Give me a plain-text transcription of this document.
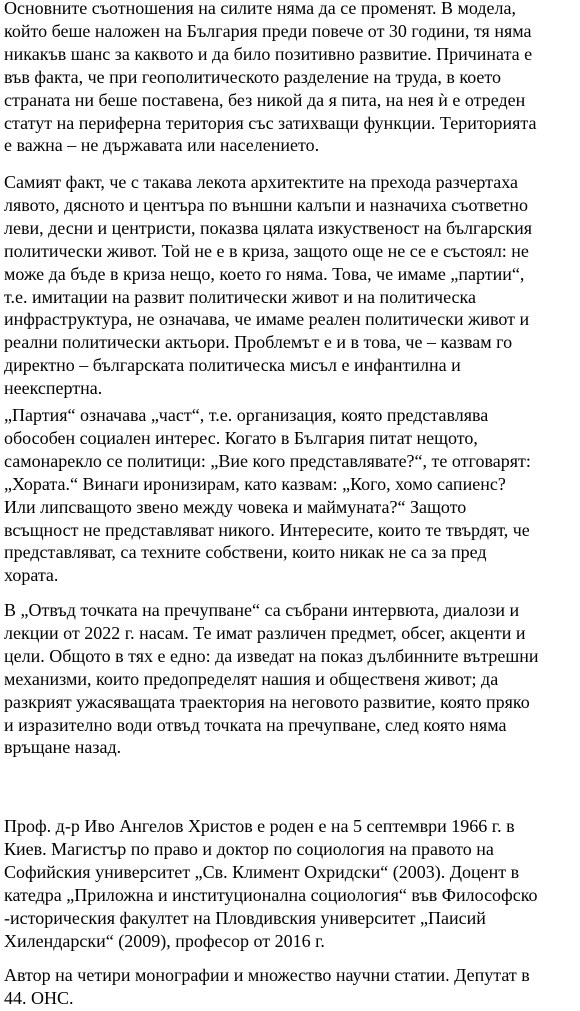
Основните съотношения на силите няма да се променят. В модела,
който беше наложен на България преди повече от 30 години, тя няма
никакъв шанс за каквото и да било позитивно развитие. Причината е
във факта, че при геополитическото разделение на труда, в което
страната ни беше поставена, без никой да я пита, на нея ѝ е отреден
статут на периферна територия със затихващи функции. Територията
е важна – не държавата или населението.

Самият факт, че с такава лекота архитектите на прехода разчертаха
лявото, дясното и центъра по външни калъпи и назначиха съответно
леви, десни и центристи, показва цялата изкуственост на българския
политически живот. Той не е в криза, защото още не се е състоял: не
може да бъде в криза нещо, което го няма. Това, че имаме „партии“,
т.е. имитации на развит политически живот и на политическа
инфраструктура, не означава, че имаме реален политически живот и
реални политически актьори. Проблемът е и в това, че – казвам го
директно – българската политическа мисъл е инфантилна и
неекспертна.

„Партия“ означава „част“, т.е. организация, която представлява
обособен социален интерес. Когато в България питат нещото,
самонарекло се политици: „Вие кого представлявате?“, те отговарят:
„Хората.“ Винаги иронизирам, като казвам: „Кого, хомо сапиенс?
Или липсващото звено между човека и маймуната?“ Защото
всъщност не представляват никого. Интересите, които те твърдят, че
представляват, са техните собствени, които никак не са за пред
хората.

В „Отвъд точката на пречупване“ са събрани интервюта, диалози и
лекции от 2022 г. насам. Те имат различен предмет, обсег, акценти и
цели. Общото в тях е едно: да изведат на показ дълбинните вътрешни
механизми, които предопределят нашия и общественя живот; да
разкрият ужасяващата траектория на неговото развитие, която пряко
и изразително води отвъд точката на пречупване, след която няма
връщане назад.

Проф. д-р Иво Ангелов Христов е роден е на 5 септември 1966 г. в
Киев. Магистър по право и доктор по социология на правото на
Софийския университет „Св. Климент Охридски“ (2003). Доцент в
катедра „Приложна и институционална социология“ във Философско
-историческия факултет на Пловдивския университет „Паисий
Хилендарски“ (2009), професор от 2016 г.

Автор на четири монографии и множество научни статии. Депутат в
44. ОНС.
